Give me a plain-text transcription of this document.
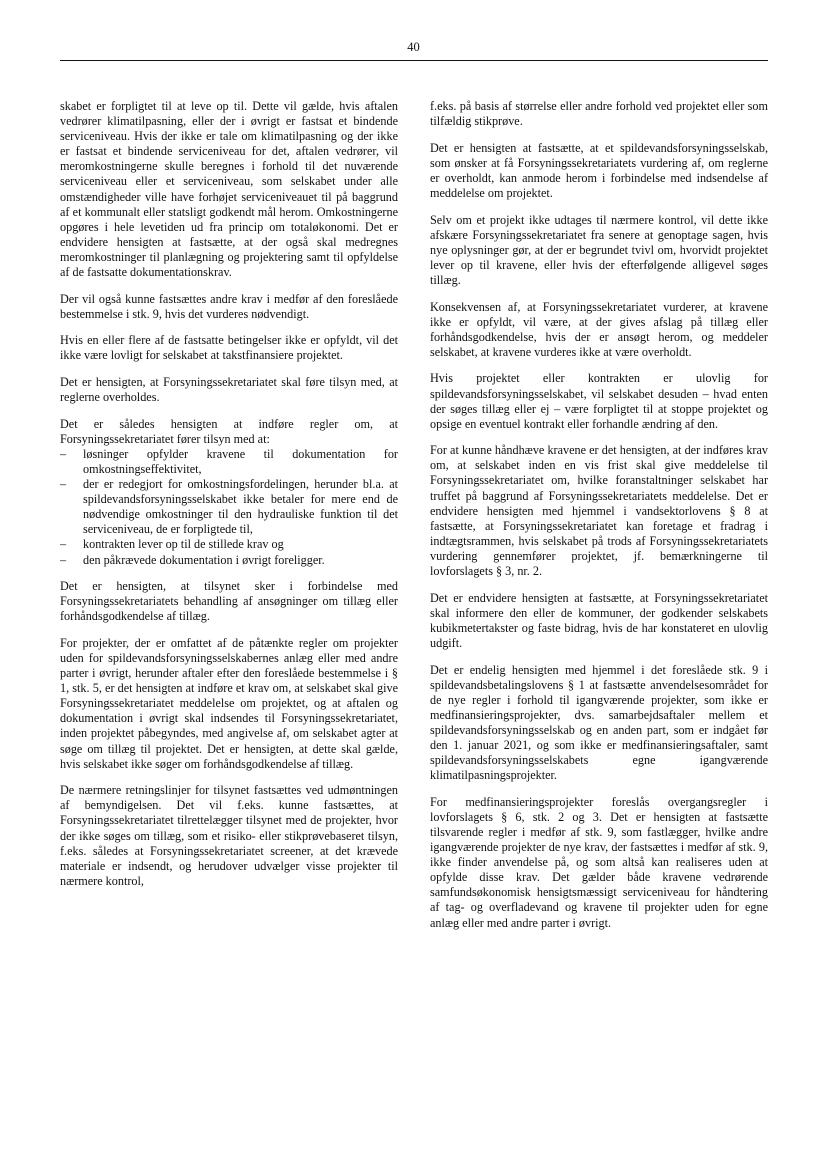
40

skabet er forpligtet til at leve op til. Dette vil gælde, hvis aftalen vedrører klimatilpasning, eller der i øvrigt er fastsat et bindende serviceniveau. Hvis der ikke er tale om klimatilpasning og der ikke er fastsat et bindende serviceniveau for det, aftalen vedrører, vil meromkostningerne skulle beregnes i forhold til det nuværende serviceniveau eller et serviceniveau, som selskabet under alle omstændigheder ville have forhøjet serviceniveauet til på baggrund af et kommunalt eller statsligt godkendt mål herom. Omkostningerne opgøres i hele levetiden ud fra princip om totaløkonomi. Det er endvidere hensigten at fastsætte, at der også skal medregnes meromkostninger til planlægning og projektering samt til opfyldelse af de fastsatte dokumentationskrav.

Der vil også kunne fastsættes andre krav i medfør af den foreslåede bestemmelse i stk. 9, hvis det vurderes nødvendigt.

Hvis en eller flere af de fastsatte betingelser ikke er opfyldt, vil det ikke være lovligt for selskabet at takstfinansiere projektet.

Det er hensigten, at Forsyningssekretariatet skal føre tilsyn med, at reglerne overholdes.

Det er således hensigten at indføre regler om, at Forsyningssekretariatet fører tilsyn med at:

– løsninger opfylder kravene til dokumentation for omkostningseffektivitet,
– der er redegjort for omkostningsfordelingen, herunder bl.a. at spildevandsforsyningsselskabet ikke betaler for mere end de nødvendige omkostninger til den hydrauliske funktion til det serviceniveau, de er forpligtede til,
– kontrakten lever op til de stillede krav og
– den påkrævede dokumentation i øvrigt foreligger.

Det er hensigten, at tilsynet sker i forbindelse med Forsyningssekretariatets behandling af ansøgninger om tillæg eller forhåndsgodkendelse af tillæg.

For projekter, der er omfattet af de påtænkte regler om projekter uden for spildevandsforsyningsselskabernes anlæg eller med andre parter i øvrigt, herunder aftaler efter den foreslåede bestemmelse i § 1, stk. 5, er det hensigten at indføre et krav om, at selskabet skal give Forsyningssekretariatet meddelelse om projektet, og at aftalen og dokumentation i øvrigt skal indsendes til Forsyningssekretariatet, inden projektet påbegyndes, med angivelse af, om selskabet agter at søge om tillæg til projektet. Det er hensigten, at dette skal gælde, hvis selskabet ikke søger om forhåndsgodkendelse af tillæg.

De nærmere retningslinjer for tilsynet fastsættes ved udmøntningen af bemyndigelsen. Det vil f.eks. kunne fastsættes, at Forsyningssekretariatet tilrettelægger tilsynet med de projekter, hvor der ikke søges om tillæg, som et risiko- eller stikprøvebaseret tilsyn, f.eks. således at Forsyningssekretariatet screener, at det krævede materiale er indsendt, og herudover udvælger visse projekter til nærmere kontrol,

f.eks. på basis af størrelse eller andre forhold ved projektet eller som tilfældig stikprøve.

Det er hensigten at fastsætte, at et spildevandsforsyningsselskab, som ønsker at få Forsyningssekretariatets vurdering af, om reglerne er overholdt, kan anmode herom i forbindelse med indsendelse af meddelelse om projektet.

Selv om et projekt ikke udtages til nærmere kontrol, vil dette ikke afskære Forsyningssekretariatet fra senere at genoptage sagen, hvis nye oplysninger gør, at der er begrundet tvivl om, hvorvidt projektet lever op til kravene, eller hvis der efterfølgende alligevel søges tillæg.

Konsekvensen af, at Forsyningssekretariatet vurderer, at kravene ikke er opfyldt, vil være, at der gives afslag på tillæg eller forhåndsgodkendelse, hvis der er ansøgt herom, og meddeler selskabet, at kravene vurderes ikke at være overholdt.

Hvis projektet eller kontrakten er ulovlig for spildevandsforsyningsselskabet, vil selskabet desuden – hvad enten der søges tillæg eller ej – være forpligtet til at stoppe projektet og opsige en eventuel kontrakt eller forhandle ændring af den.

For at kunne håndhæve kravene er det hensigten, at der indføres krav om, at selskabet inden en vis frist skal give meddelelse til Forsyningssekretariatet om, hvilke foranstaltninger selskabet har truffet på baggrund af Forsyningssekretariatets meddelelse. Det er endvidere hensigten med hjemmel i vandsektorlovens § 8 at fastsætte, at Forsyningssekretariatet kan foretage et fradrag i indtægtsrammen, hvis selskabet på trods af Forsyningssekretariatets vurdering gennemfører projektet, jf. bemærkningerne til lovforslagets § 3, nr. 2.

Det er endvidere hensigten at fastsætte, at Forsyningssekretariatet skal informere den eller de kommuner, der godkender selskabets kubikmetertakster og faste bidrag, hvis de har konstateret en ulovlig udgift.

Det er endelig hensigten med hjemmel i det foreslåede stk. 9 i spildevandsbetalingslovens § 1 at fastsætte anvendelsesområdet for de nye regler i forhold til igangværende projekter, som ikke er medfinansieringsprojekter, dvs. samarbejdsaftaler mellem et spildevandsforsyningsselskab og en anden part, som er indgået før den 1. januar 2021, og som ikke er medfinansieringsaftaler, samt spildevandsforsyningsselskabets egne igangværende klimatilpasningsprojekter.

For medfinansieringsprojekter foreslås overgangsregler i lovforslagets § 6, stk. 2 og 3. Det er hensigten at fastsætte tilsvarende regler i medfør af stk. 9, som fastlægger, hvilke andre igangværende projekter de nye krav, der fastsættes i medfør af stk. 9, ikke finder anvendelse på, og som altså kan realiseres uden at opfylde disse krav. Det gælder både kravene vedrørende samfundsøkonomisk hensigtsmæssigt serviceniveau for håndtering af tag- og overfladevand og kravene til projekter uden for egne anlæg eller med andre parter i øvrigt.
